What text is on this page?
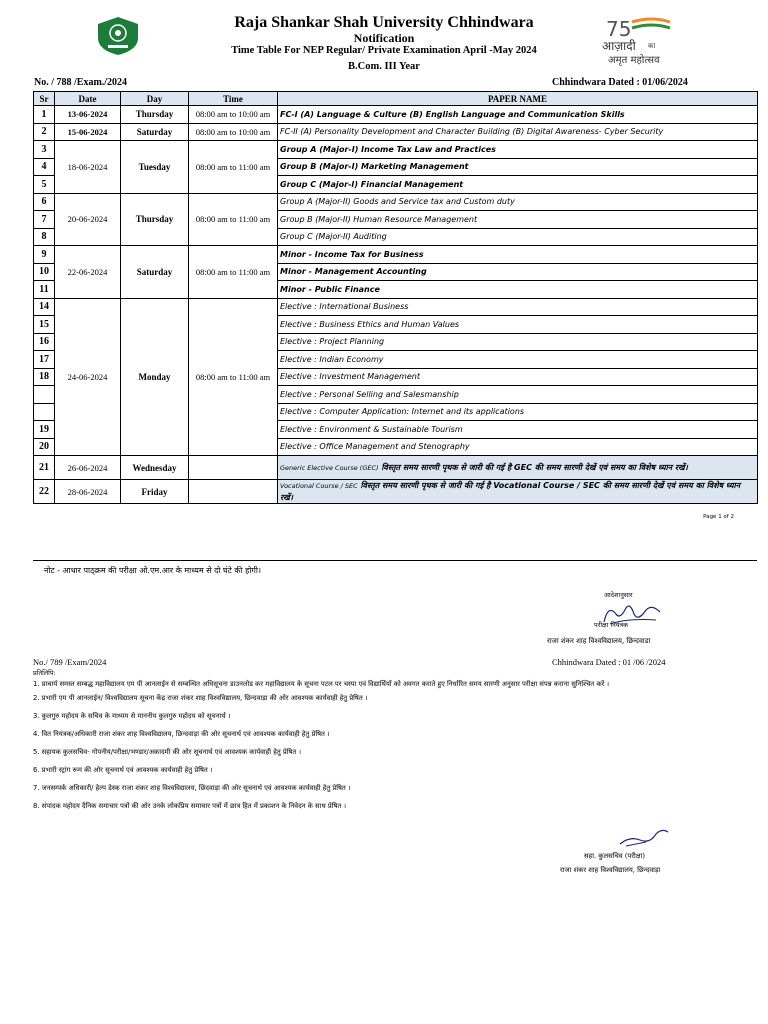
Raja Shankar Shah University Chhindwara
Notification
Time Table For NEP Regular/ Private Examination April -May 2024
B.Com. III Year
75
आज़ादी का
अमृत महोत्सव
No. / 788 /Exam./2024	Chhindwara Dated : 01/06/2024
Sr	Date	Day	Time	PAPER NAME
1	13-06-2024	Thursday	08:00 am to 10:00 am	FC-I (A) Language & Culture (B) English Language and Communication Skills
2	15-06-2024	Saturday	08:00 am to 10:00 am	FC-II (A) Personality Development and Character Building (B) Digital Awareness- Cyber Security
3	18-06-2024	Tuesday	08:00 am to 11:00 am	Group A (Major-I) Income Tax Law and Practices
4				Group B (Major-I) Marketing Management
5				Group C (Major-I) Financial Management
6	20-06-2024	Thursday	08:00 am to 11:00 am	Group A (Major-II) Goods and Service tax and Custom duty
7				Group B (Major-II) Human Resource Management
8				Group C (Major-II) Auditing
9	22-06-2024	Saturday	08:00 am to 11:00 am	Minor - Income Tax for Business
10				Minor - Management Accounting
11				Minor - Public Finance
14	24-06-2024	Monday	08:00 am to 11:00 am	Elective : International Business
15				Elective : Business Ethics and Human Values
16				Elective : Project Planning
17				Elective : Indian Economy
18				Elective : Investment Management
				Elective : Personal Selling and Salesmanship
				Elective : Computer Application: Internet and its applications
19				Elective : Environment & Sustainable Tourism
20				Elective : Office Management and Stenography
21	26-06-2024	Wednesday		Generic Elective Course (GEC) विस्तृत समय सारणी पृथक से जारी की गई है GEC की समय सारणी देखें एवं समय का विशेष ध्यान रखें।
22	28-06-2024	Friday		Vocational Course / SEC विस्तृत समय सारणी पृथक से जारी की गई है Vocational Course / SEC की समय सारणी देखें एवं समय का विशेष ध्यान रखें।
Page 1 of 2
नोट - आधार पाठ्क्रम की परीक्षा ओ.एम.आर के माध्यम से दो घंटे की होगी।
आदेशानुसार
परीक्षा नियंत्रक
राजा शंकर शाह विश्वविद्यालय, छिन्दवाडा
No./ 789 /Exam/2024	Chhindwara Dated : 01 /06 /2024
प्रतिलिपि:
1. प्राचार्य समस्त सम्बद्ध महाविद्यालय एम पी आनलाईन से सम्बन्धित अधिसूचना डाउनलोड कर महाविद्यालय के सूचना पटल पर चस्पा एवं विद्यार्थियों को अवगत कराते हुए निर्धारित समय सारणी अनुसार परीक्षा संपन्न कराना सुनिश्चित करें ।
2. प्रभारी एम पी आनलाईन/ विश्वविद्यालय सूचना केंद्र राजा शंकर शाह विश्वविद्यालय, छिन्दवाड़ा की ओर आवश्यक कार्यवाही हेतु प्रेषित ।
3. कुलगुरु महोदय के सचिव के माध्यम से माननीय कुलगुरु महोदय को सूचनार्थ ।
4. वित नियंत्रक/अधिकारी राजा शंकर शाह विश्वविद्यालय, छिन्दवाड़ा की ओर सूचनार्थ एवं आवश्यक कार्यवाही हेतु प्रेषित ।
5. सहायक कुलसचिव- गोपनीय/परीक्षा/भण्डार/अकादमी की ओर सूचनार्थ एवं आवश्यक कार्यवाही हेतु प्रेषित ।
6. प्रभारी स्ट्रांग रूम की ओर सूचनार्थ एवं आवश्यक कार्यवाही हेतु प्रेषित ।
7. जनसम्पर्क अधिकारी/ हेल्प डेस्क राजा शंकर शाह विश्वविद्यालय, छिंदवाड़ा की ओर सूचनार्थ एवं आवश्यक कार्यवाही हेतु प्रेषित ।
8. संपादक महोदय दैनिक समाचार पत्रों की ओर उनके लोकप्रिय समाचार पत्रों में छात्र हित में प्रकाशन के निवेदन के साथ प्रेषित ।
सहा. कुलसचिव (परीक्षा)
राजा शंकर शाह विश्वविद्यालय, छिन्दवाड़ा
